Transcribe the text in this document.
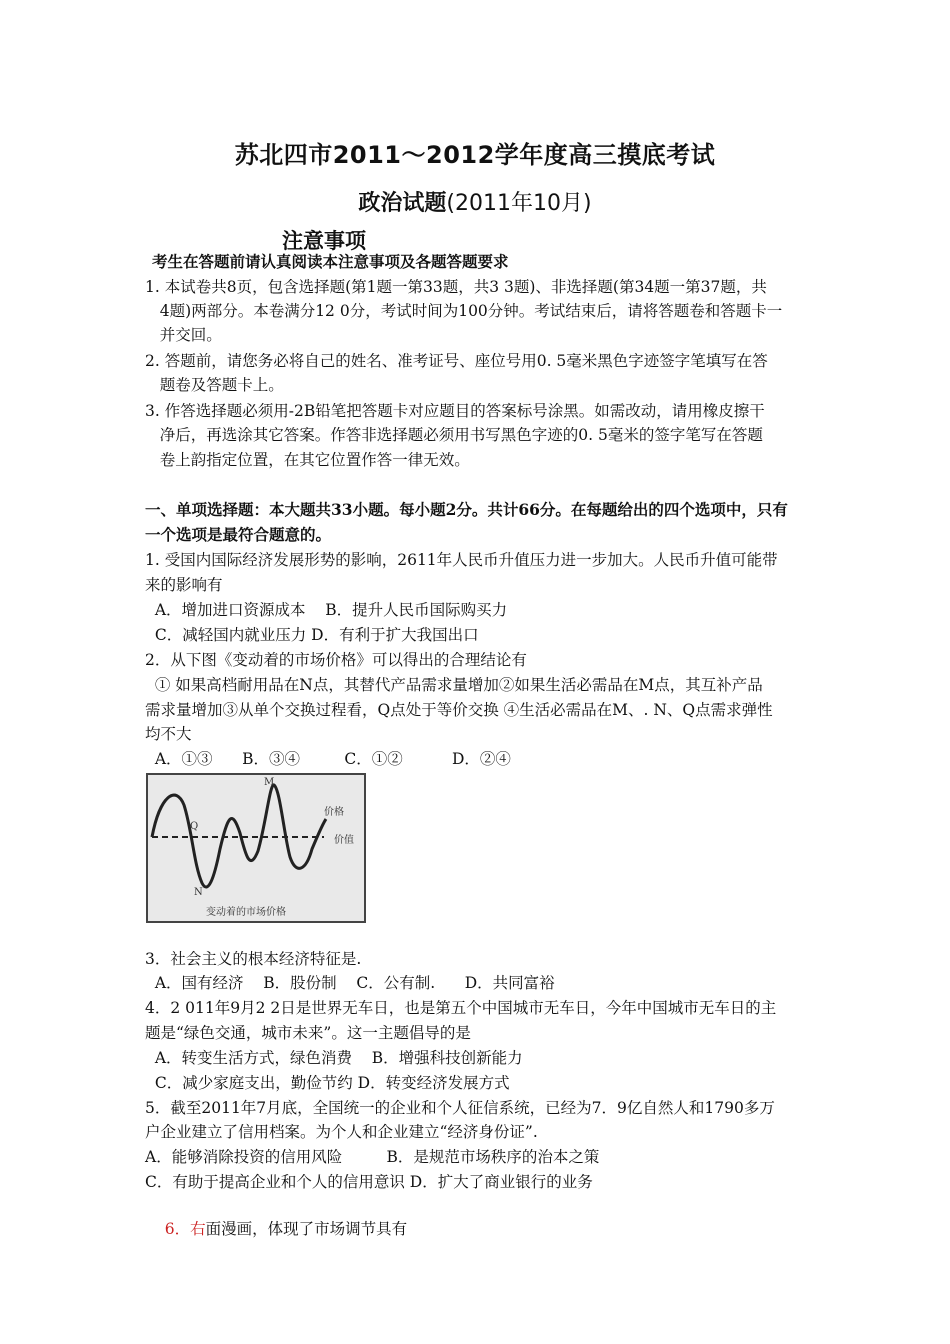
苏北四市2011～2012学年度高三摸底考试
政治试题(2011年10月)
注意事项
考生在答题前请认真阅读本注意事项及各题答题要求
1. 本试卷共8页，包含选择题(第1题一第33题，共3 3题)、非选择题(第34题一第37题，共
4题)两部分。本卷满分12 0分，考试时间为100分钟。考试结束后，请将答题卷和答题卡一
并交回。
2. 答题前，请您务必将自己的姓名、准考证号、座位号用0. 5毫米黑色字迹签字笔填写在答
题卷及答题卡上。
3. 作答选择题必须用-2B铅笔把答题卡对应题目的答案标号涂黑。如需改动，请用橡皮擦干
净后，再选涂其它答案。作答非选择题必须用书写黑色字迹的0. 5毫米的签字笔写在答题
卷上韵指定位置，在其它位置作答一律无效。
一、单项选择题：本大题共33小题。每小题2分。共计66分。在每题给出的四个选项中，只有
一个选项是最符合题意的。
1. 受国内国际经济发展形势的影响，2611年人民币升值压力进一步加大。人民币升值可能带
来的影响有
A．增加进口资源成本    B．提升人民币国际购买力
C．减轻国内就业压力 D．有利于扩大我国出口
2．从下图《变动着的市场价格》可以得出的合理结论有
① 如果高档耐用品在N点，其替代产品需求量增加②如果生活必需品在M点，其互补产品
需求量增加③从单个交换过程看，Q点处于等价交换 ④生活必需品在M、. N、Q点需求弹性
均不大
A．①③      B．③④         C．①②          D．②④
价格
价值
M
Q
N
变动着的市场价格
3．社会主义的根本经济特征是.
A．国有经济    B．股份制    C．公有制.      D．共同富裕
4．2 011年9月2 2日是世界无车日，也是第五个中国城市无车日，今年中国城市无车日的主
题是“绿色交通，城市未来”。这一主题倡导的是
A．转变生活方式，绿色消费    B．增强科技创新能力
C．减少家庭支出，勤俭节约 D．转变经济发展方式
5．截至2011年7月底，全国统一的企业和个人征信系统，已经为7．9亿自然人和1790多万
户企业建立了信用档案。为个人和企业建立“经济身份证”.
A．能够消除投资的信用风险         B．是规范市场秩序的治本之策
C．有助于提高企业和个人的信用意识 D．扩大了商业银行的业务

6．右面漫画，体现了市场调节具有
